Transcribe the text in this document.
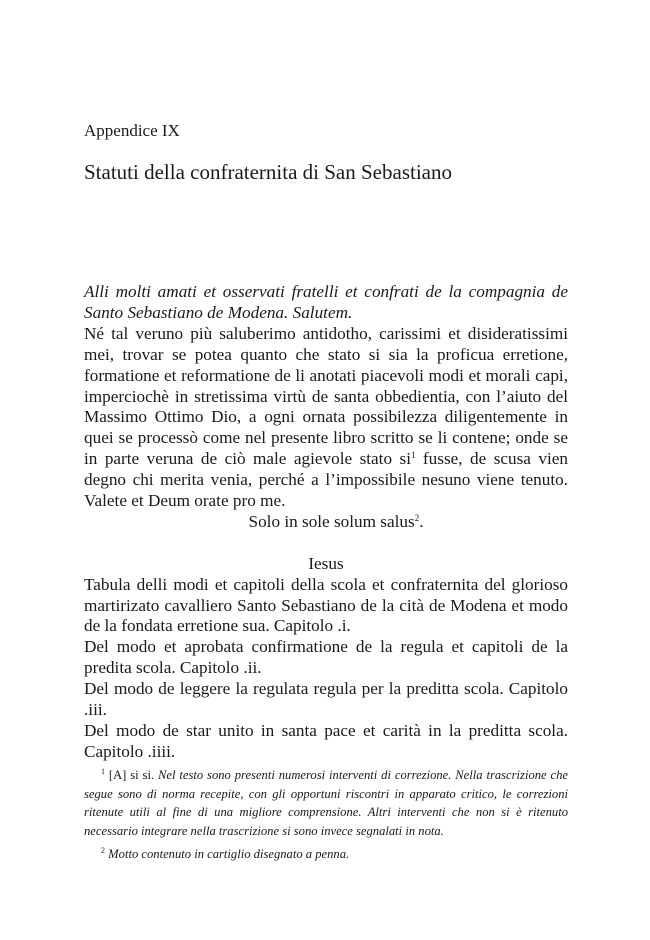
Appendice IX
Statuti della confraternita di San Sebastiano

Alli molti amati et osservati fratelli et confrati de la compagnia de Santo Sebastiano de Modena. Salutem.

Né tal veruno più saluberimo antidotho, carissimi et disideratissimi mei, trovar se potea quanto che stato si sia la proficua erretione, formatione et reformatione de li anotati piacevoli modi et morali capi, imperciochè in stretissima virtù de santa obbedientia, con l’aiuto del Massimo Ottimo Dio, a ogni ornata possibilezza diligentemente in quei se processò come nel presente libro scritto se li contene; onde se in parte veruna de ciò male agievole stato $si^1$ fusse, de scusa vien degno chi merita venia, perché a l’impossibile nesuno viene tenuto. Valete et Deum orate pro me.

Solo in sole solum salus$^2$.

Iesus

Tabula delli modi et capitoli della scola et confraternita del glorioso martirizato cavalliero Santo Sebastiano de la cità de Modena et modo de la fondata erretione sua. Capitolo .i.

Del modo et aprobata confirmatione de la regula et capitoli de la predita scola. Capitolo .ii.

Del modo de leggere la regulata regula per la preditta scola. Capitolo .iii.

Del modo de star unito in santa pace et carità in la preditta scola. Capitolo .iiii.

$^1$ [A] si si. Nel testo sono presenti numerosi interventi di correzione. Nella trascrizione che segue sono di norma recepite, con gli opportuni riscontri in apparato critico, le correzioni ritenute utili al fine di una migliore comprensione. Altri interventi che non si è ritenuto necessario integrare nella trascrizione si sono invece segnalati in nota.

$^2$ Motto contenuto in cartiglio disegnato a penna.
